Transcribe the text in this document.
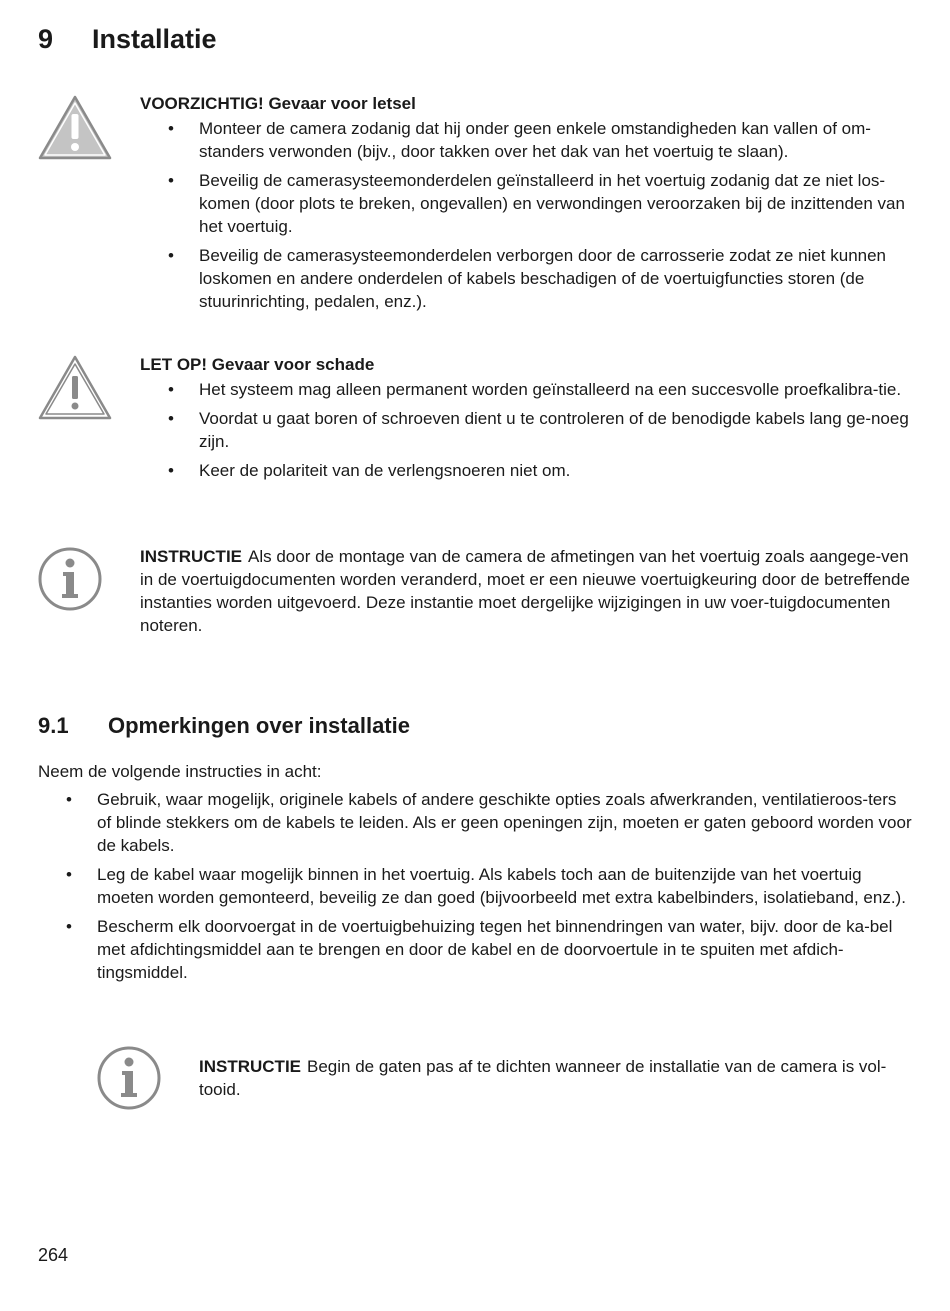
9 Installatie

VOORZICHTIG! Gevaar voor letsel

• Monteer de camera zodanig dat hij onder geen enkele omstandigheden kan vallen of om-standers verwonden (bijv., door takken over het dak van het voertuig te slaan).
• Beveilig de camerasysteemonderdelen geïnstalleerd in het voertuig zodanig dat ze niet los-komen (door plots te breken, ongevallen) en verwondingen veroorzaken bij de inzittenden van het voertuig.
• Beveilig de camerasysteemonderdelen verborgen door de carrosserie zodat ze niet kunnen loskomen en andere onderdelen of kabels beschadigen of de voertuigfuncties storen (de stuurinrichting, pedalen, enz.).

LET OP! Gevaar voor schade

• Het systeem mag alleen permanent worden geïnstalleerd na een succesvolle proefkalibra-tie.
• Voordat u gaat boren of schroeven dient u te controleren of de benodigde kabels lang ge-noeg zijn.
• Keer de polariteit van de verlengsnoeren niet om.

INSTRUCTIE Als door de montage van de camera de afmetingen van het voertuig zoals aangege-ven in de voertuigdocumenten worden veranderd, moet er een nieuwe voertuigkeuring door de betreffende instanties worden uitgevoerd. Deze instantie moet dergelijke wijzigingen in uw voer-tuigdocumenten noteren.

9.1 Opmerkingen over installatie

Neem de volgende instructies in acht:

• Gebruik, waar mogelijk, originele kabels of andere geschikte opties zoals afwerkranden, ventilatieroos-ters of blinde stekkers om de kabels te leiden. Als er geen openingen zijn, moeten er gaten geboord worden voor de kabels.
• Leg de kabel waar mogelijk binnen in het voertuig. Als kabels toch aan de buitenzijde van het voertuig moeten worden gemonteerd, beveilig ze dan goed (bijvoorbeeld met extra kabelbinders, isolatieband, enz.).
• Bescherm elk doorvoergat in de voertuigbehuizing tegen het binnendringen van water, bijv. door de ka-bel met afdichtingsmiddel aan te brengen en door de kabel en de doorvoertule in te spuiten met afdich-tingsmiddel.

INSTRUCTIE Begin de gaten pas af te dichten wanneer de installatie van de camera is vol-tooid.

264
